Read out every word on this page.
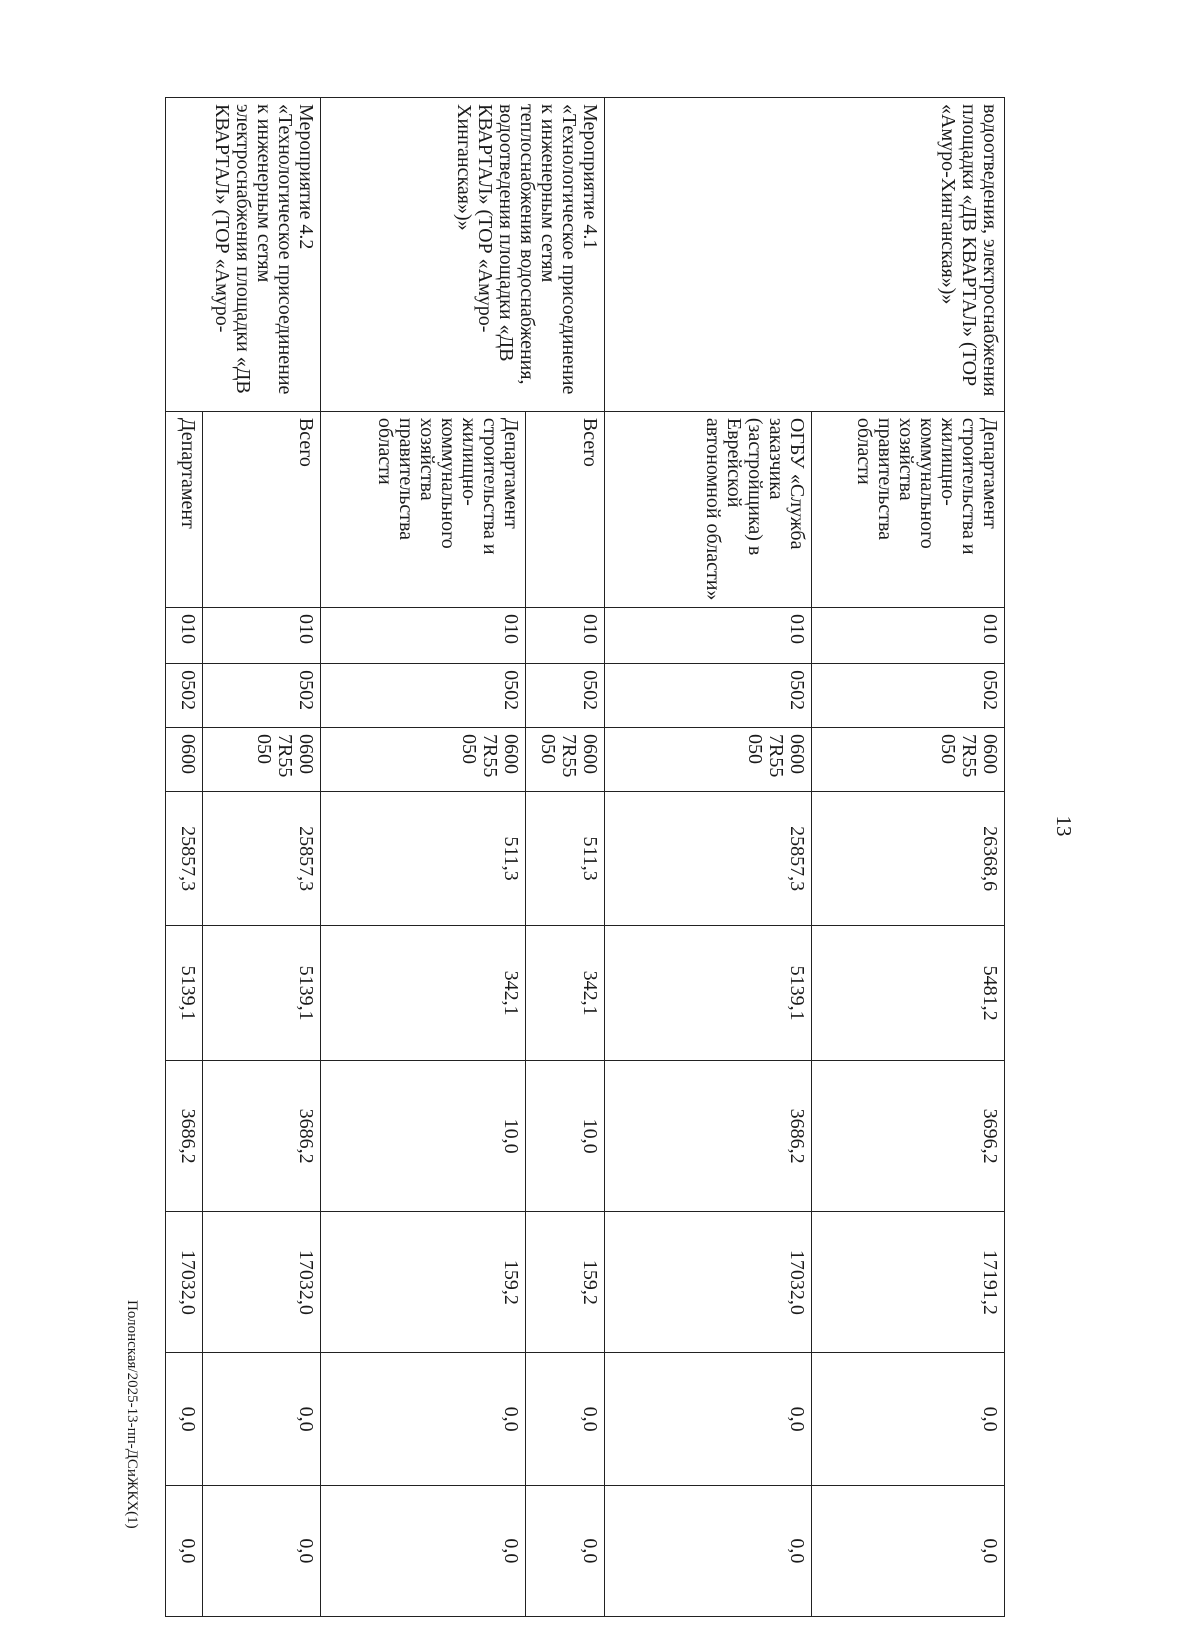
13
водоотведения, электроснабжения площадки «ДВ КВАРТАЛ» (ТОР «Амуро-Хинганская»)»	Департамент строительства и жилищно-коммунального хозяйства правительства области	010	0502	0600 7R55 050	26368,6	5481,2	3696,2	17191,2	0,0	0,0
	ОГБУ «Служба заказчика (застройщика) в Еврейской автономной области»	010	0502	0600 7R55 050	25857,3	5139,1	3686,2	17032,0	0,0	0,0
Мероприятие 4.1 «Технологическое присоединение к инженерным сетям теплоснабжения водоснабжения, водоотведения площадки «ДВ КВАРТАЛ» (ТОР «Амуро-Хинганская»)»	Всего	010	0502	0600 7R55 050	511,3	342,1	10,0	159,2	0,0	0,0
	Департамент строительства и жилищно-коммунального хозяйства правительства области	010	0502	0600 7R55 050	511,3	342,1	10,0	159,2	0,0	0,0
Мероприятие 4.2 «Технологическое присоединение к инженерным сетям электроснабжения площадки «ДВ КВАРТАЛ» (ТОР «Амуро-	Всего	010	0502	0600 7R55 050	25857,3	5139,1	3686,2	17032,0	0,0	0,0
	Департамент	010	0502	0600	25857,3	5139,1	3686,2	17032,0	0,0	0,0
Полонская/2025-13-пп-ДСиЖКХ(1)
